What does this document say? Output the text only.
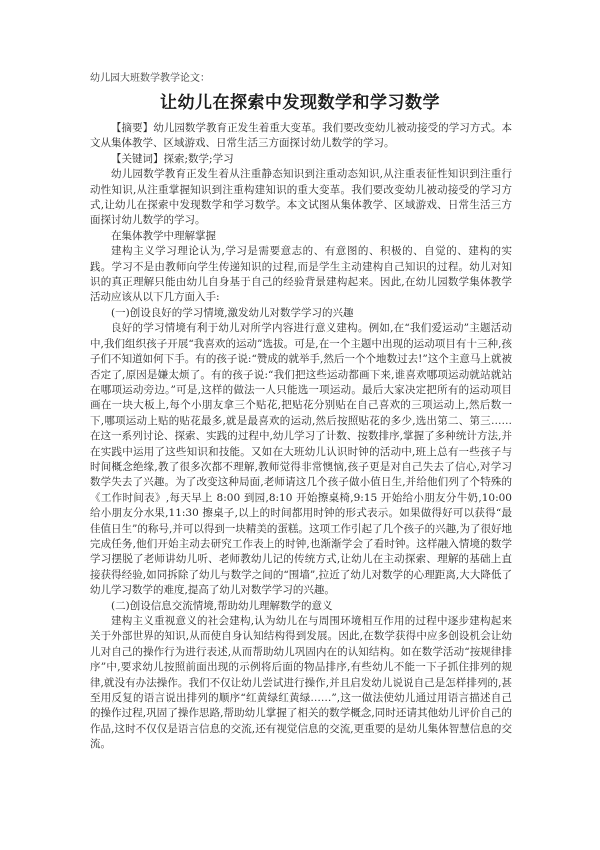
幼儿园大班数学教学论文：
让幼儿在探索中发现数学和学习数学

【摘要】幼儿园数学教育正发生着重大变革。我们要改变幼儿被动接受的学习方式。本文从集体教学、区域游戏、日常生活三方面探讨幼儿数学的学习。

【关键词】探索;数学;学习

幼儿园数学教育正发生着从注重静态知识到注重动态知识,从注重表征性知识到注重行动性知识,从注重掌握知识到注重构建知识的重大变革。我们要改变幼儿被动接受的学习方式,让幼儿在探索中发现数学和学习数学。本文试图从集体教学、区域游戏、日常生活三方面探讨幼儿数学的学习。

在集体教学中理解掌握

建构主义学习理论认为,学习是需要意志的、有意图的、积极的、自觉的、建构的实践。学习不是由教师向学生传递知识的过程,而是学生主动建构自己知识的过程。幼儿对知识的真正理解只能由幼儿自身基于自己的经验背景建构起来。因此,在幼儿园数学集体教学活动应该从以下几方面入手:

(一)创设良好的学习情境,激发幼儿对数学学习的兴趣

良好的学习情境有利于幼儿对所学内容进行意义建构。例如,在“我们爱运动”主题活动中,我们组织孩子开展“我喜欢的运动”选拔。可是,在一个主题中出现的运动项目有十三种,孩子们不知道如何下手。有的孩子说:“赞成的就举手,然后一个个地数过去!”这个主意马上就被否定了,原因是嫌太烦了。有的孩子说:“我们把这些运动都画下来,谁喜欢哪项运动就站就站在哪项运动旁边。”可是,这样的做法一人只能选一项运动。最后大家决定把所有的运动项目画在一块大板上,每个小朋友拿三个贴花,把贴花分别贴在自己喜欢的三项运动上,然后数一下,哪项运动上贴的贴花最多,就是最喜欢的运动,然后按照贴花的多少,选出第二、第三……在这一系列讨论、探索、实践的过程中,幼儿学习了计数、按数排序,掌握了多种统计方法,并在实践中运用了这些知识和技能。又如在大班幼儿认识时钟的活动中,班上总有一些孩子与时间概念绝缘,教了很多次都不理解,教师觉得非常懊恼,孩子更是对自己失去了信心,对学习数学失去了兴趣。为了改变这种局面,老师请这几个孩子做小值日生,并给他们列了个特殊的《工作时间表》,每天早上 8:00 到园,8:10 开始擦桌椅,9:15 开始给小朋友分牛奶,10:00 给小朋友分水果,11:30 擦桌子,以上的时间都用时钟的形式表示。如果做得好可以获得“最佳值日生”的称号,并可以得到一块精美的蛋糕。这项工作引起了几个孩子的兴趣,为了很好地完成任务,他们开始主动去研究工作表上的时钟,也渐渐学会了看时钟。这样融入情境的数学学习摆脱了老师讲幼儿听、老师教幼儿记的传统方式,让幼儿在主动探索、理解的基础上直接获得经验,如同拆除了幼儿与数学之间的“围墙”,拉近了幼儿对数学的心理距离,大大降低了幼儿学习数学的难度,提高了幼儿对数学学习的兴趣。

(二)创设信息交流情境,帮助幼儿理解数学的意义

建构主义重视意义的社会建构,认为幼儿在与周围环境相互作用的过程中逐步建构起来关于外部世界的知识,从而使自身认知结构得到发展。因此,在数学获得中应多创设机会让幼儿对自己的操作行为进行表述,从而帮助幼儿巩固内在的认知结构。如在数学活动“按规律排序”中,要求幼儿按照前面出现的示例将后面的物品排序,有些幼儿不能一下子抓住排列的规律,就没有办法操作。我们不仅让幼儿尝试进行操作,并且启发幼儿说说自己是怎样排列的,甚至用反复的语言说出排列的顺序“红黄绿红黄绿……”,这一做法使幼儿通过用语言描述自己的操作过程,巩固了操作思路,帮助幼儿掌握了相关的数学概念,同时还请其他幼儿评价自己的作品,这时不仅仅是语言信息的交流,还有视觉信息的交流,更重要的是幼儿集体智慧信息的交流。
